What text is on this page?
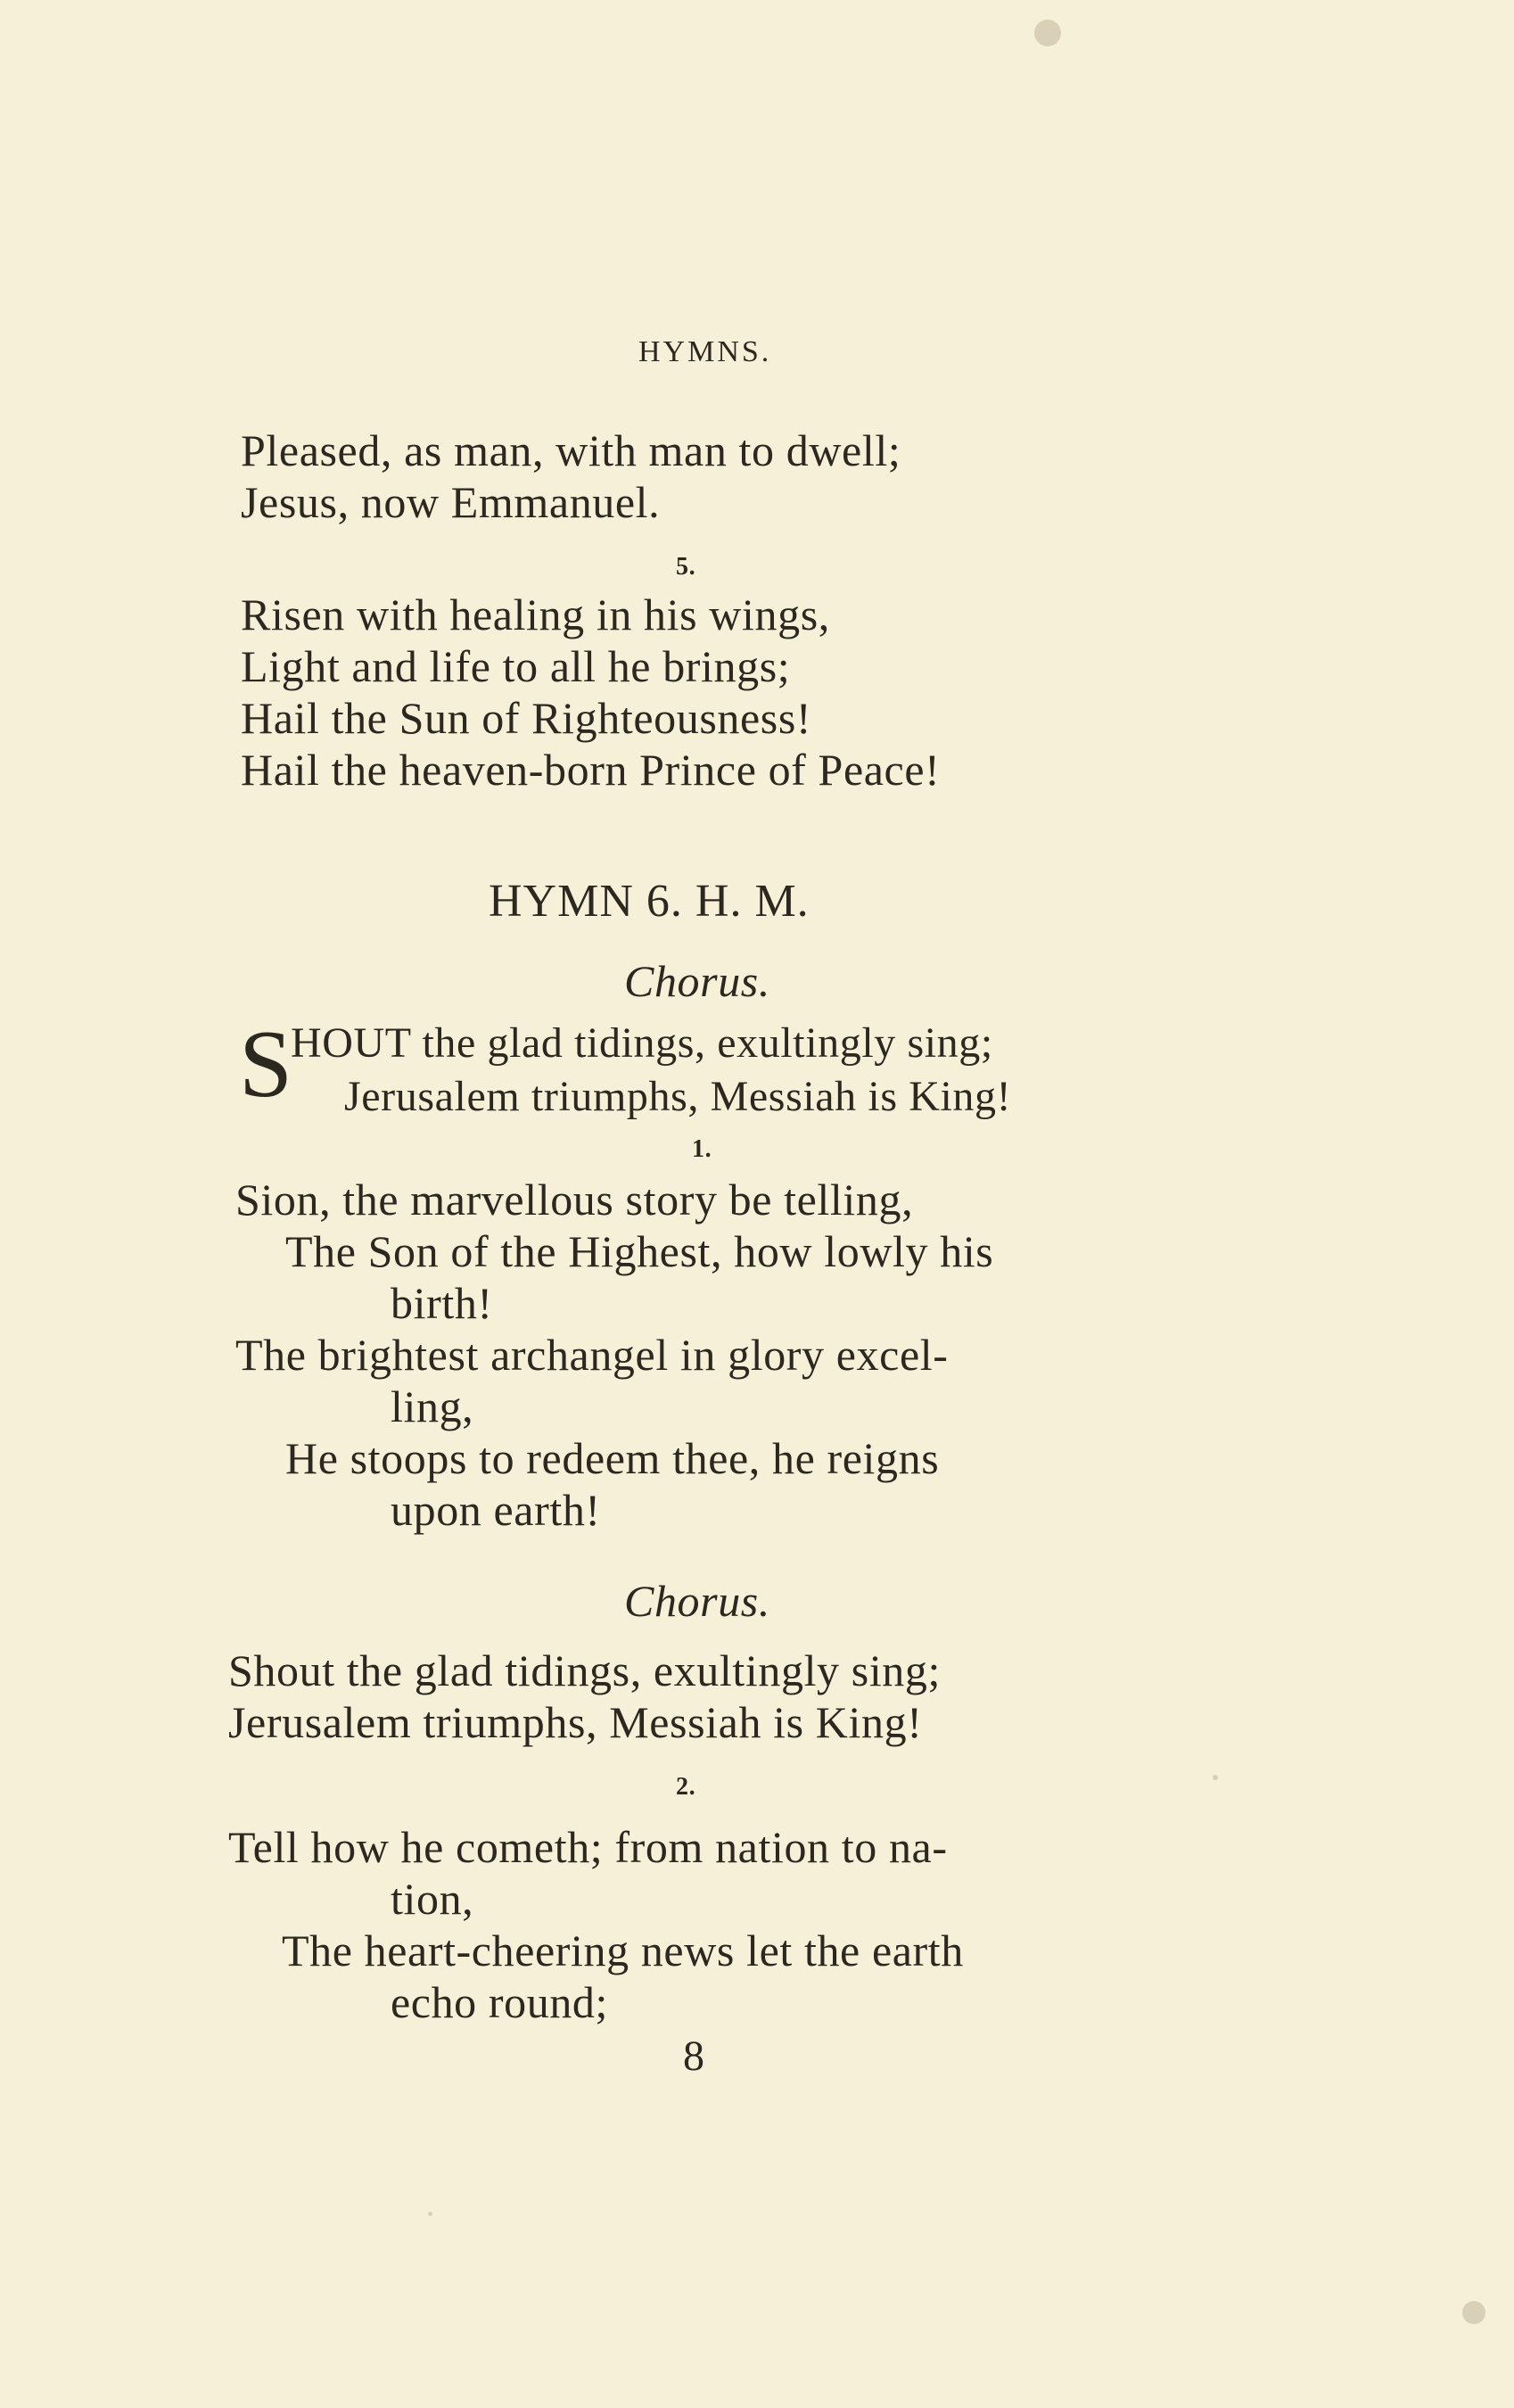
HYMNS.
Pleased, as man, with man to dwell;
Jesus, now Emmanuel.
5.
Risen with healing in his wings,
Light and life to all he brings;
Hail the Sun of Righteousness!
Hail the heaven-born Prince of Peace!
HYMN 6. H. M.
Chorus.
S
HOUT the glad tidings, exultingly sing;
Jerusalem triumphs, Messiah is King!
1.
Sion, the marvellous story be telling,
The Son of the Highest, how lowly his
birth!
The brightest archangel in glory excel-
ling,
He stoops to redeem thee, he reigns
upon earth!
Chorus.
Shout the glad tidings, exultingly sing;
Jerusalem triumphs, Messiah is King!
2.
Tell how he cometh; from nation to na-
tion,
The heart-cheering news let the earth
echo round;
8
